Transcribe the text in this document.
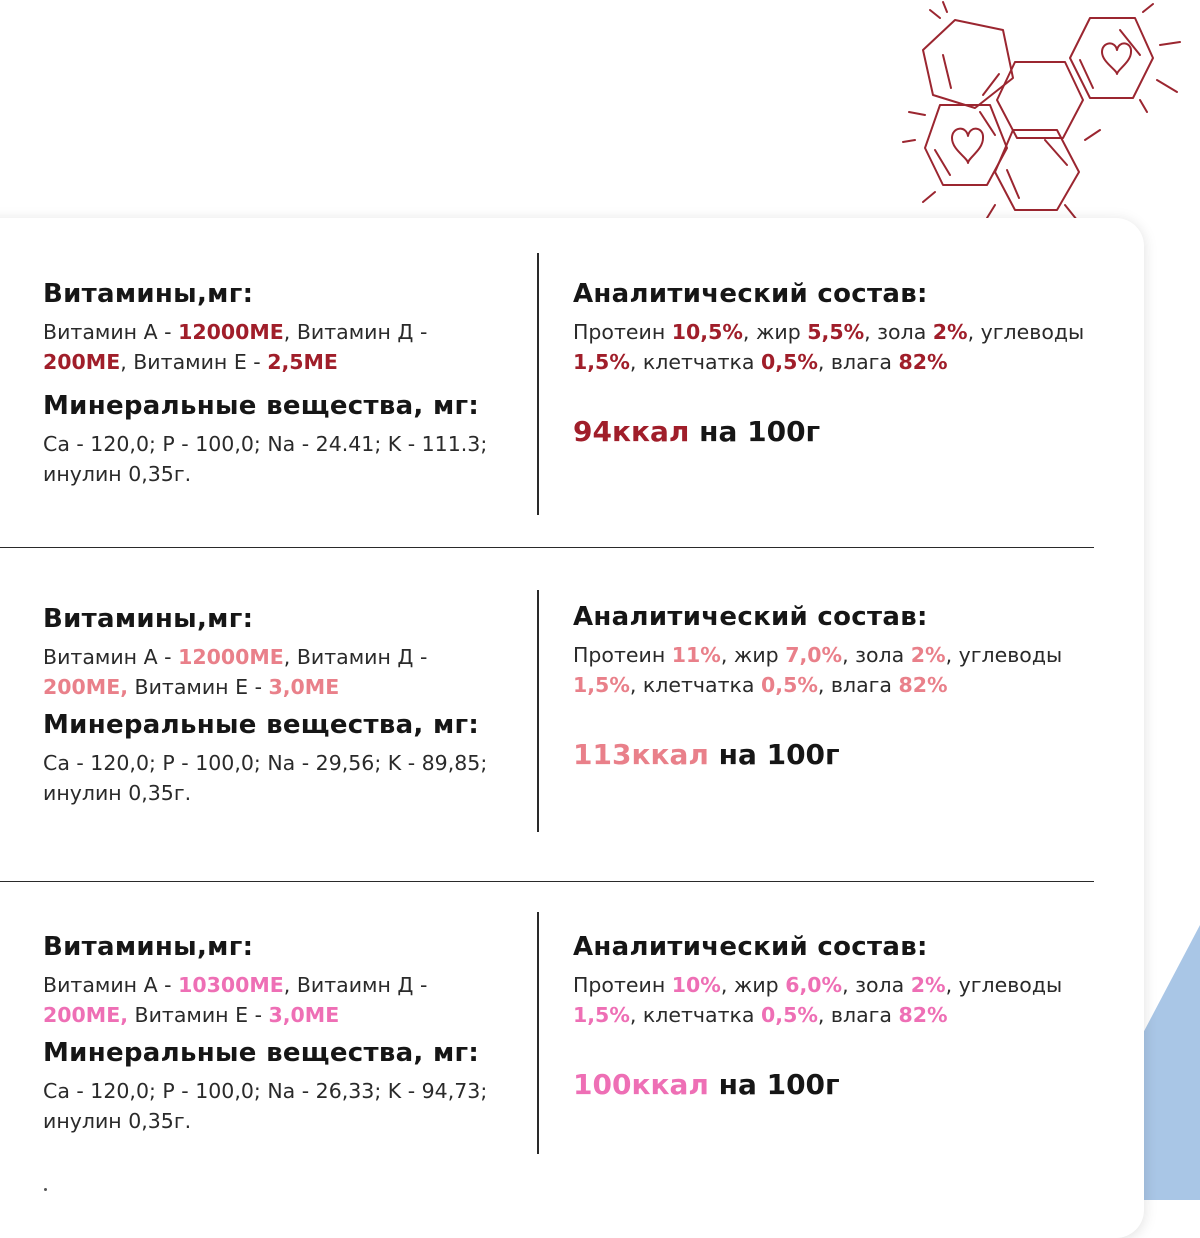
Витамины,мг:
Витамин А - 12000МЕ, Витамин Д - 200МЕ, Витамин Е - 2,5МЕ
Минеральные вещества, мг:
Са - 120,0; Р - 100,0; Na - 24.41; K - 111.3; инулин 0,35г.
Аналитический состав:
Протеин 10,5%, жир 5,5%, зола 2%, углеводы 1,5%, клетчатка 0,5%, влага 82%
94ккал на 100г
Витамины,мг:
Витамин А - 12000МЕ, Витамин Д - 200МЕ, Витамин Е - 3,0МЕ
Минеральные вещества, мг:
Са - 120,0; Р - 100,0; Na - 29,56; K - 89,85; инулин 0,35г.
Аналитический состав:
Протеин 11%, жир 7,0%, зола 2%, углеводы 1,5%, клетчатка 0,5%, влага 82%
113ккал на 100г
Витамины,мг:
Витамин А - 10300МЕ, Витаимн Д - 200МЕ, Витамин Е - 3,0МЕ
Минеральные вещества, мг:
Са - 120,0; Р - 100,0; Na - 26,33; K - 94,73; инулин 0,35г.
Аналитический состав:
Протеин 10%, жир 6,0%, зола 2%, углеводы 1,5%, клетчатка 0,5%, влага 82%
100ккал на 100г
